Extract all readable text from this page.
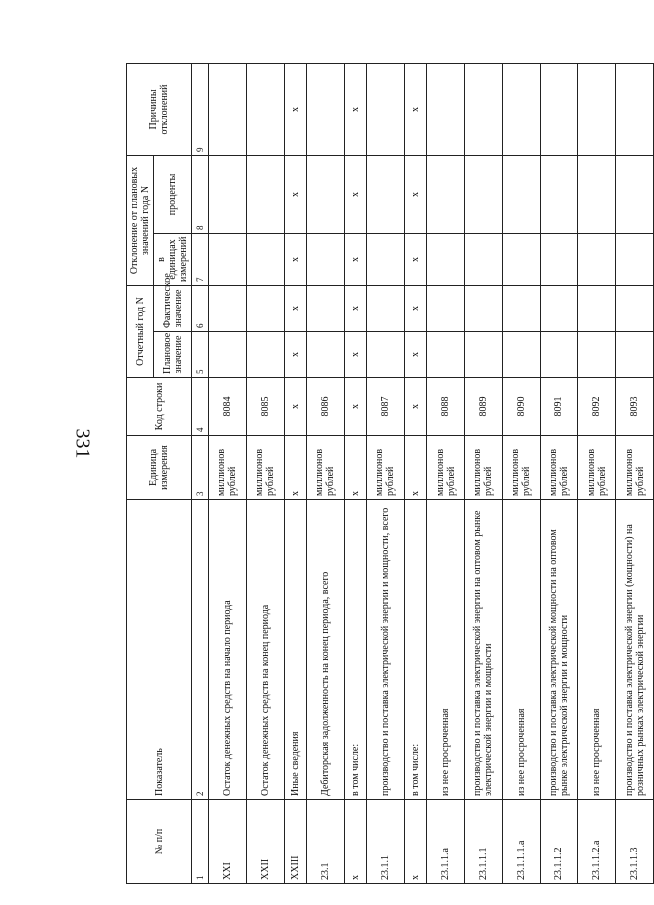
331
№ п/п	Показатель	Единица измерения	Код строки	Отчетный год N		Отклонение от плановых значений года N		Причины отклонений
				Плановое значение	Фактическое значение	в единицах измерений	проценты	

1	2	3	4	5	6	7	8	9
XXI	Остаток денежных средств на начало периода	миллионов рублей	8084					
XXII	Остаток денежных средств на конец периода	миллионов рублей	8085					
XXIII	Иные сведения	x	x	x	x	x	x	x
23.1	Дебиторская задолженность на конец периода, всего	миллионов рублей	8086					
x	в том числе:	x	x	x	x	x	x	x
23.1.1	производство и поставка электрической энергии и мощности, всего	миллионов рублей	8087					
x	в том числе:	x	x	x	x	x	x	x
23.1.1.a	из нее просроченная	миллионов рублей	8088					
23.1.1.1	производство и поставка электрической энергии на оптовом рынке электрической энергии и мощности	миллионов рублей	8089					
23.1.1.1.a	из нее просроченная	миллионов рублей	8090					
23.1.1.2	производство и поставка электрической мощности на оптовом рынке электрической энергии и мощности	миллионов рублей	8091					
23.1.1.2.a	из нее просроченная	миллионов рублей	8092					
23.1.1.3	производство и поставка электрической энергии (мощности) на розничных рынках электрической энергии	миллионов рублей	8093					
